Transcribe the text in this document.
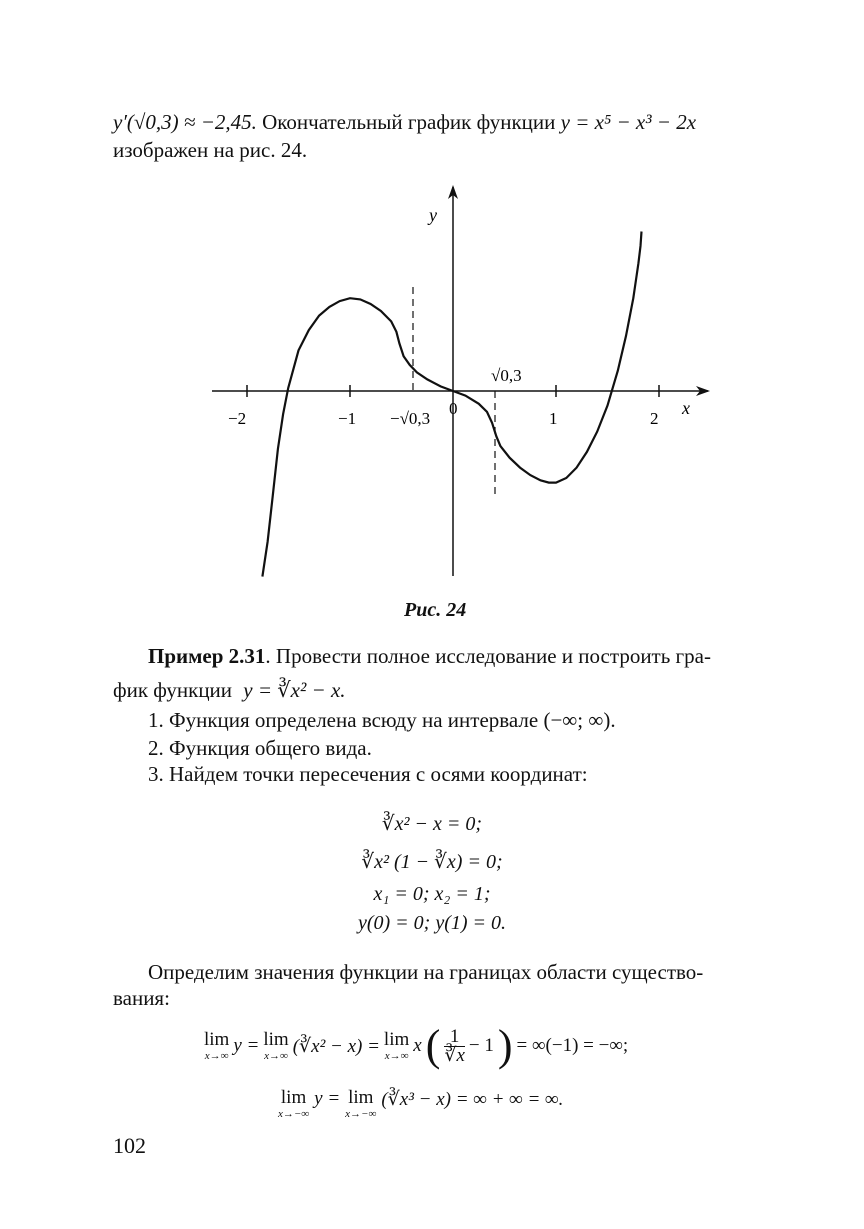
y′(√0,3) ≈ −2,45. Окончательный график функции y = x⁵ − x³ − 2x
изображен на рис. 24.
y
x
0
−2	−1	1	2
−√0,3
√0,3
Рис. 24
Пример 2.31. Провести полное исследование и построить гра-
фик функции y = ∛x² − x.
1. Функция определена всюду на интервале (−∞; ∞).
2. Функция общего вида.
3. Найдем точки пересечения с осями координат:
∛x² − x = 0;
∛x² (1 − ∛x) = 0;
x₁ = 0; x₂ = 1;
y(0) = 0; y(1) = 0.
Определим значения функции на границах области существо-
вания:
lim
x→∞ y = lim
x→∞ (∛x² − x) = lim
x→∞ x ( $\frac{1}{∛x} - 1$ ) = ∞(−1) = −∞;
lim
x→−∞
y = lim
x→−∞
(∛x³ − x) = ∞ + ∞ = ∞.
102
